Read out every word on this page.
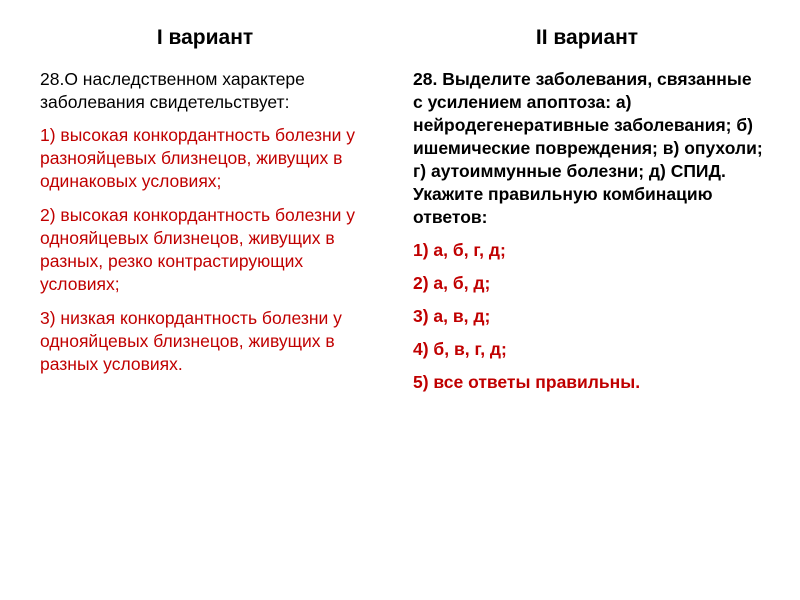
I вариант	II вариант

28.О наследственном характере заболевания свидетельствует:

1) высокая конкордантность болезни у разнояйцевых близнецов, живущих в одинаковых условиях;

2) высокая конкордантность болезни у однояйцевых близнецов, живущих в разных, резко контрастирующих условиях;

3) низкая конкордантность болезни у однояйцевых близнецов, живущих в разных условиях.

28. Выделите заболевания, связанные с усилением апоптоза: а) нейродегенеративные заболевания; б) ишемические повреждения; в) опухоли; г) аутоиммунные болезни; д) СПИД. Укажите правильную комбинацию ответов:

1) а, б, г, д;

2) а, б, д;

3) а, в, д;

4) б, в, г, д;

5) все ответы правильны.
